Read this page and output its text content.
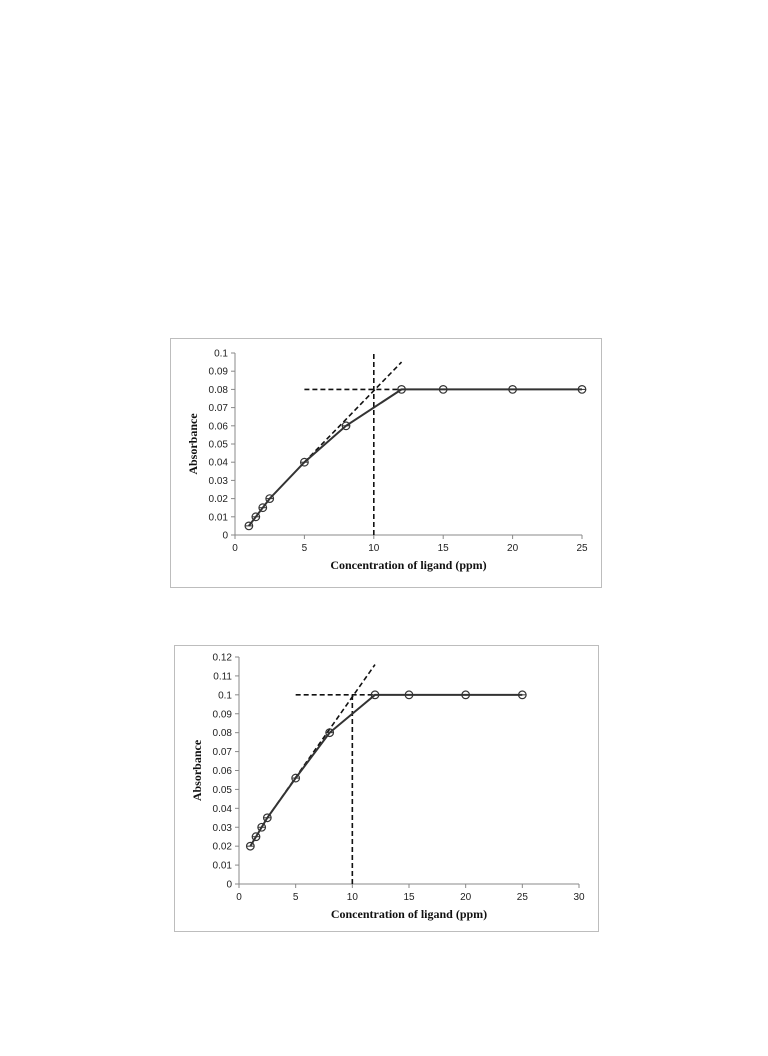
0
0.01
0.02
0.03
0.04
0.05
0.06
0.07
0.08
0.09
0.1
0	5	10	15	20	25
Concentration of ligand (ppm)
Absorbance
0
0.01
0.02
0.03
0.04
0.05
0.06
0.07
0.08
0.09
0.1
0.11
0.12
0	5	10	15	20	25	30
Concentration of ligand (ppm)
Absorbance
